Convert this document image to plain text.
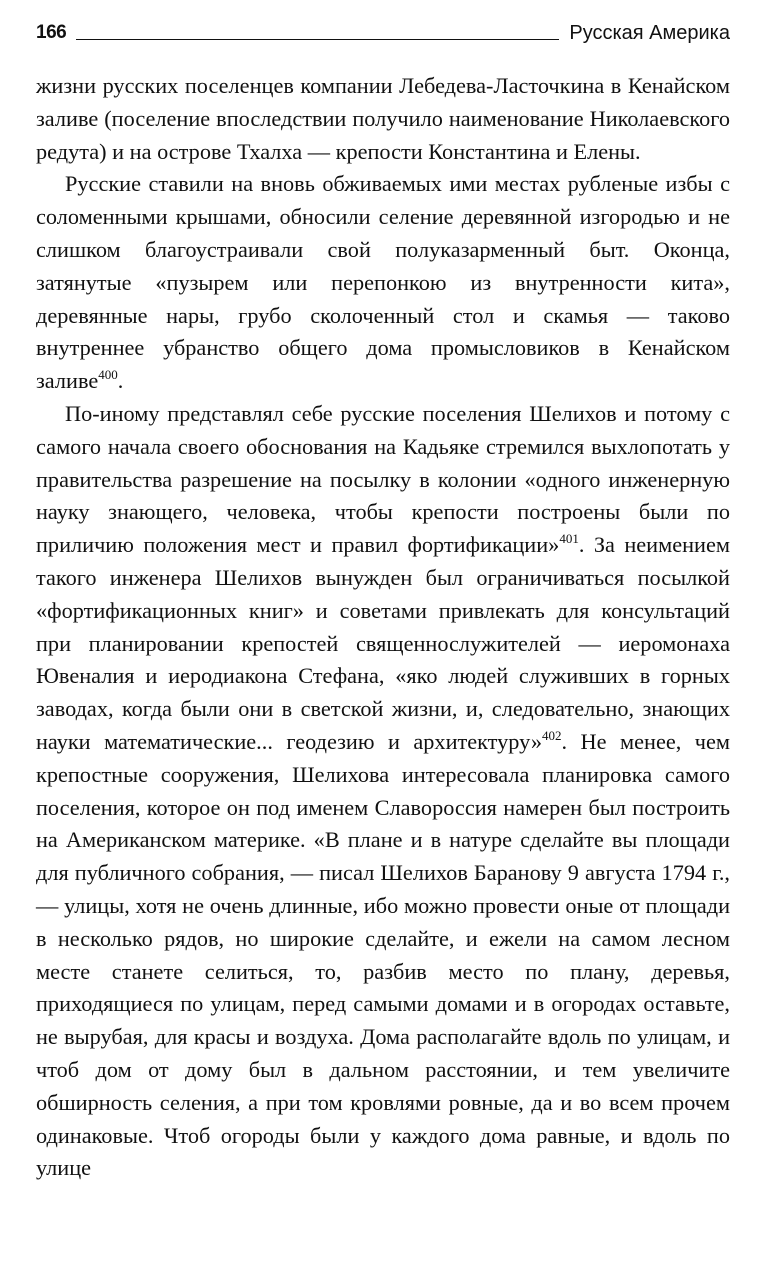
166	Русская Америка

жизни русских поселенцев компании Лебедева-Ласточкина в Кенайском заливе (поселение впоследствии получило наименование Николаевского редута) и на острове Тхалха — крепости Константина и Елены.

Русские ставили на вновь обживаемых ими местах рубленые избы с соломенными крышами, обносили селение деревянной изгородью и не слишком благоустраивали свой полуказарменный быт. Оконца, затянутые «пузырем или перепонкою из внутренности кита», деревянные нары, грубо сколоченный стол и скамья — таково внутреннее убранство общего дома промысловиков в Кенайском заливе$^{400}$.

По-иному представлял себе русские поселения Шелихов и потому с самого начала своего обоснования на Кадьяке стремился выхлопотать у правительства разрешение на посылку в колонии «одного инженерную науку знающего, человека, чтобы крепости построены были по приличию положения мест и правил фортификации»$^{401}$. За неимением такого инженера Шелихов вынужден был ограничиваться посылкой «фортификационных книг» и советами привлекать для консультаций при планировании крепостей священнослужителей — иеромонаха Ювеналия и иеродиакона Стефана, «яко людей служивших в горных заводах, когда были они в светской жизни, и, следовательно, знающих науки математические... геодезию и архитектуру»$^{402}$. Не менее, чем крепостные сооружения, Шелихова интересовала планировка самого поселения, которое он под именем Славороссия намерен был построить на Американском материке. «В плане и в натуре сделайте вы площади для публичного собрания, — писал Шелихов Баранову 9 августа 1794 г., — улицы, хотя не очень длинные, ибо можно провести оные от площади в несколько рядов, но широкие сделайте, и ежели на самом лесном месте станете селиться, то, разбив место по плану, деревья, приходящиеся по улицам, перед самыми домами и в огородах оставьте, не вырубая, для красы и воздуха. Дома располагайте вдоль по улицам, и чтоб дом от дому был в дальном расстоянии, и тем увеличите обширность селения, а при том кровлями ровные, да и во всем прочем одинаковые. Чтоб огороды были у каждого дома равные, и вдоль по улице
